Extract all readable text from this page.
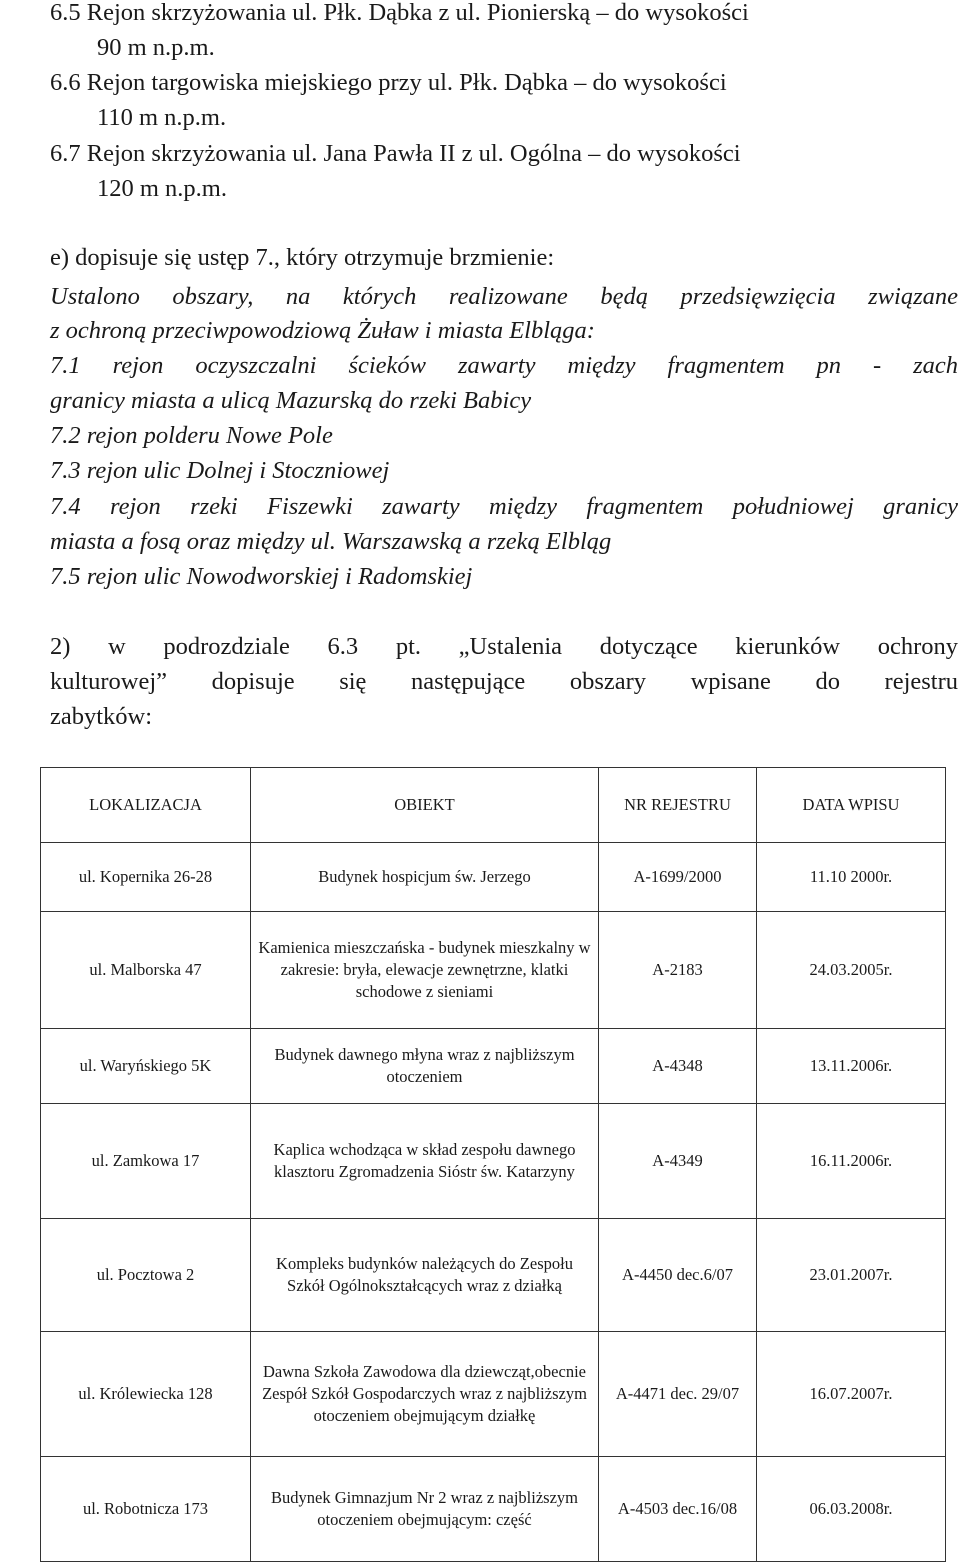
6.5 Rejon skrzyżowania ul. Płk. Dąbka z ul. Pionierską – do wysokości
90 m n.p.m.
6.6 Rejon targowiska miejskiego przy ul. Płk. Dąbka – do wysokości
110 m n.p.m.
6.7 Rejon skrzyżowania ul. Jana Pawła II z ul. Ogólna – do wysokości
120 m n.p.m.
e) dopisuje się ustęp 7., który otrzymuje brzmienie:
Ustalono obszary, na których realizowane będą przedsięwzięcia związane
z ochroną przeciwpowodziową Żuław i miasta Elbląga:
7.1 rejon oczyszczalni ścieków zawarty między fragmentem pn - zach
granicy miasta a ulicą Mazurską do rzeki Babicy
7.2 rejon polderu Nowe Pole
7.3 rejon ulic Dolnej i Stoczniowej
7.4 rejon rzeki Fiszewki zawarty między fragmentem południowej granicy
miasta a fosą oraz między ul. Warszawską a rzeką Elbląg
7.5 rejon ulic Nowodworskiej i Radomskiej
2) w podrozdziale 6.3 pt. „Ustalenia dotyczące kierunków ochrony
kulturowej” dopisuje się następujące obszary wpisane do rejestru
zabytków:
LOKALIZACJA	OBIEKT	NR REJESTRU	DATA WPISU
ul. Kopernika 26-28	Budynek hospicjum św. Jerzego	A-1699/2000	11.10 2000r.
ul. Malborska 47	Kamienica mieszczańska - budynek mieszkalny w zakresie: bryła, elewacje zewnętrzne, klatki schodowe z sieniami	A-2183	24.03.2005r.
ul. Waryńskiego 5K	Budynek dawnego młyna wraz z najbliższym otoczeniem	A-4348	13.11.2006r.
ul. Zamkowa 17	Kaplica wchodząca w skład zespołu dawnego klasztoru Zgromadzenia Sióstr św. Katarzyny	A-4349	16.11.2006r.
ul. Pocztowa 2	Kompleks budynków należących do Zespołu Szkół Ogólnokształcących wraz z działką	A-4450 dec.6/07	23.01.2007r.
ul. Królewiecka 128	Dawna Szkoła Zawodowa dla dziewcząt,obecnie Zespół Szkół Gospodarczych wraz z najbliższym otoczeniem obejmującym działkę	A-4471 dec. 29/07	16.07.2007r.
ul. Robotnicza 173	Budynek Gimnazjum Nr 2 wraz z najbliższym otoczeniem obejmującym: część	A-4503 dec.16/08	06.03.2008r.
